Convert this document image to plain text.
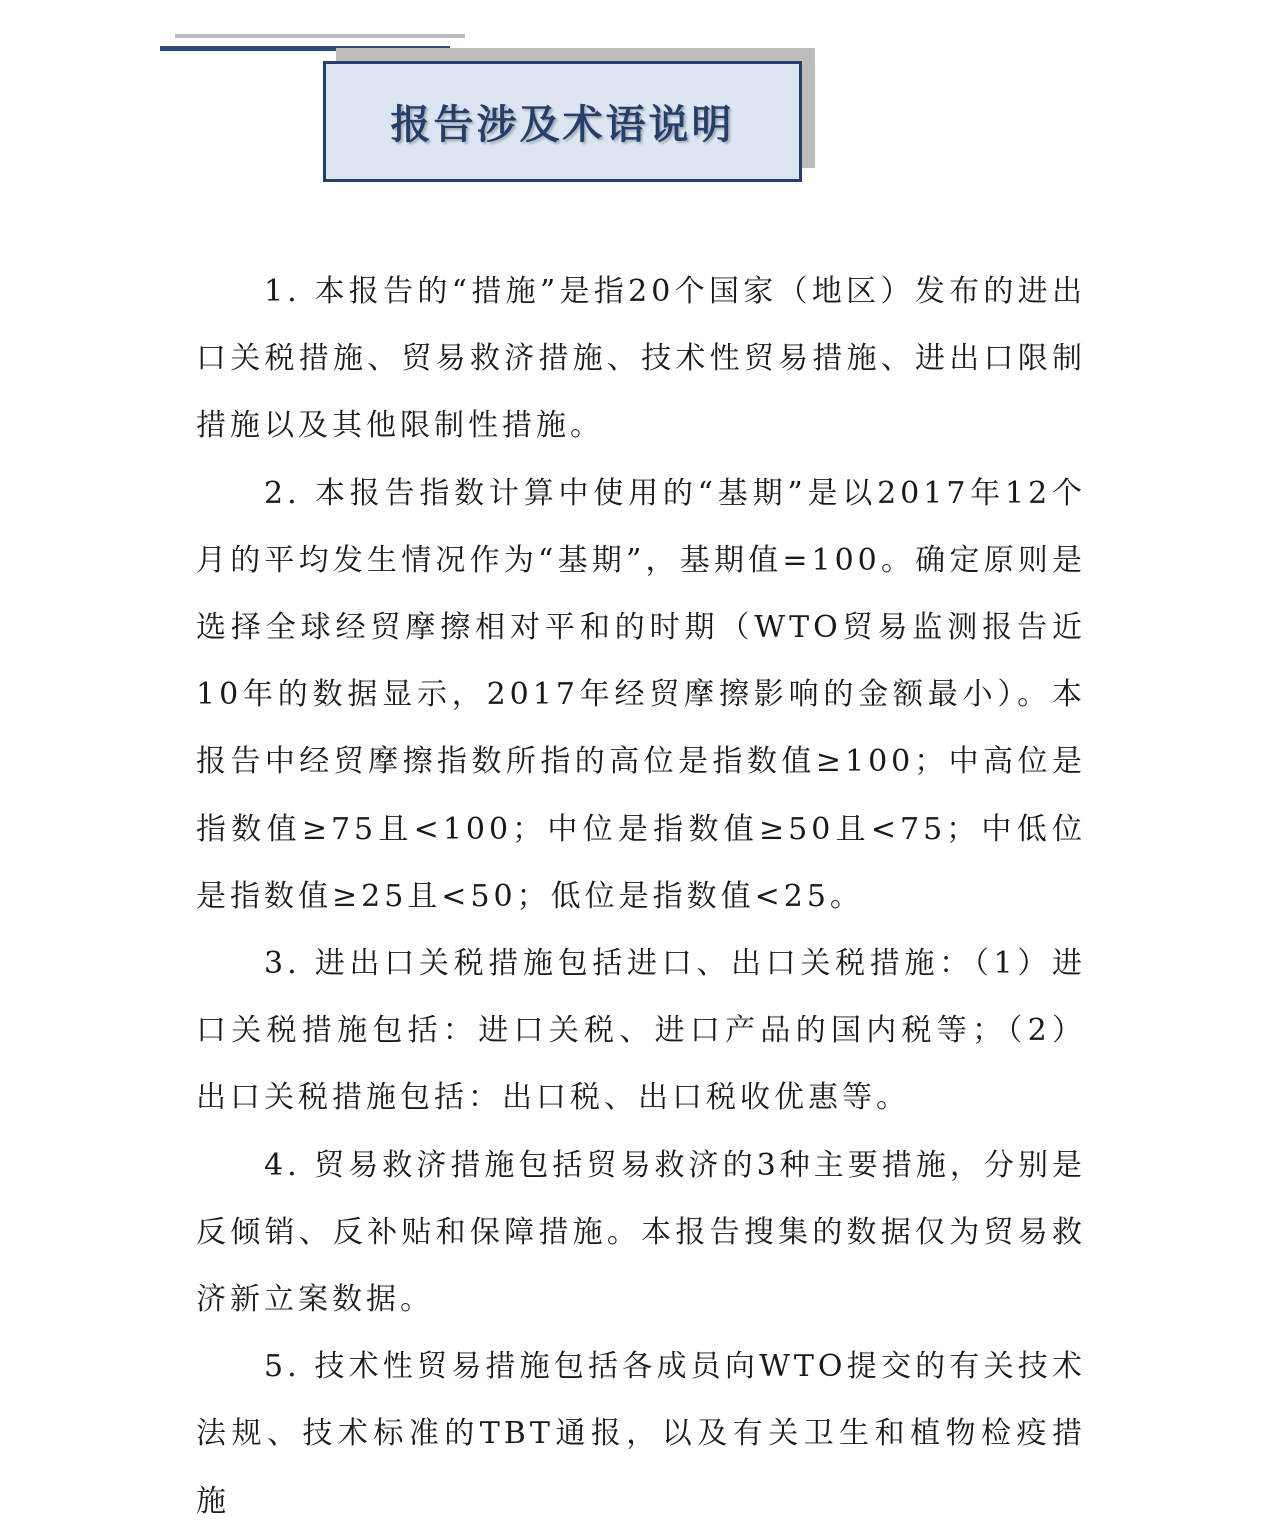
报告涉及术语说明

1. 本报告的“措施”是指20个国家（地区）发布的进出口关税措施、贸易救济措施、技术性贸易措施、进出口限制措施以及其他限制性措施。

2. 本报告指数计算中使用的“基期”是以2017年12个月的平均发生情况作为“基期”，基期值=100。确定原则是选择全球经贸摩擦相对平和的时期（WTO贸易监测报告近10年的数据显示，2017年经贸摩擦影响的金额最小）。本报告中经贸摩擦指数所指的高位是指数值≥100；中高位是指数值≥75且<100；中位是指数值≥50且<75；中低位是指数值≥25且<50；低位是指数值<25。

3. 进出口关税措施包括进口、出口关税措施：（1）进口关税措施包括：进口关税、进口产品的国内税等；（2）出口关税措施包括：出口税、出口税收优惠等。

4. 贸易救济措施包括贸易救济的3种主要措施，分别是反倾销、反补贴和保障措施。本报告搜集的数据仅为贸易救济新立案数据。

5. 技术性贸易措施包括各成员向WTO提交的有关技术法规、技术标准的TBT通报，以及有关卫生和植物检疫措施
